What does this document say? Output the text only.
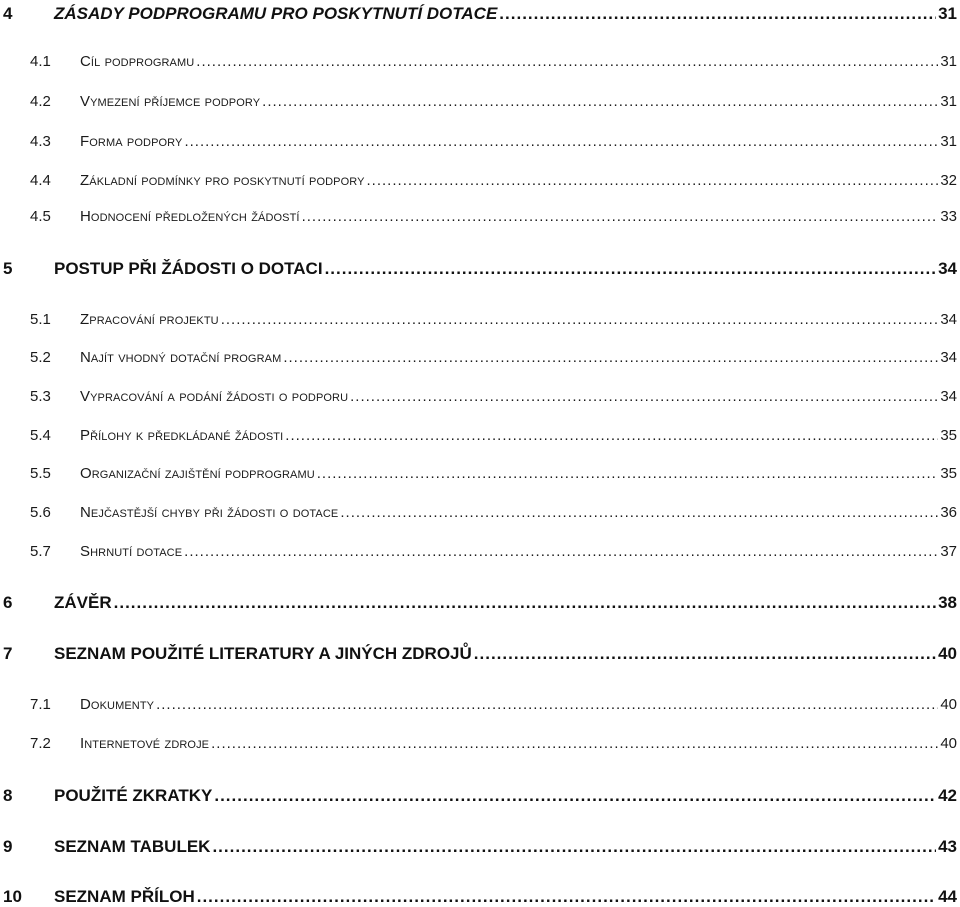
4	ZÁSADY PODPROGRAMU PRO POSKYTNUTÍ DOTACE .....	31
4.1	Cíl podprogramu .....	31
4.2	Vymezení příjemce podpory .....	31
4.3	Forma podpory .....	31
4.4	Základní podmínky pro poskytnutí podpory .....	32
4.5	Hodnocení předložených žádostí .....	33
5	POSTUP PŘI ŽÁDOSTI O DOTACI .....	34
5.1	Zpracování projektu .....	34
5.2	Najít vhodný dotační program .....	34
5.3	Vypracování a podání žádosti o podporu .....	34
5.4	Přílohy k předkládané žádosti .....	35
5.5	Organizační zajištění podprogramu .....	35
5.6	Nejčastější chyby při žádosti o dotace .....	36
5.7	Shrnutí dotace .....	37
6	ZÁVĚR .....	38
7	SEZNAM POUŽITÉ LITERATURY A JINÝCH ZDROJŮ .....	40
7.1	Dokumenty .....	40
7.2	Internetové zdroje .....	40
8	POUŽITÉ ZKRATKY .....	42
9	SEZNAM TABULEK .....	43
10	SEZNAM PŘÍLOH .....	44
